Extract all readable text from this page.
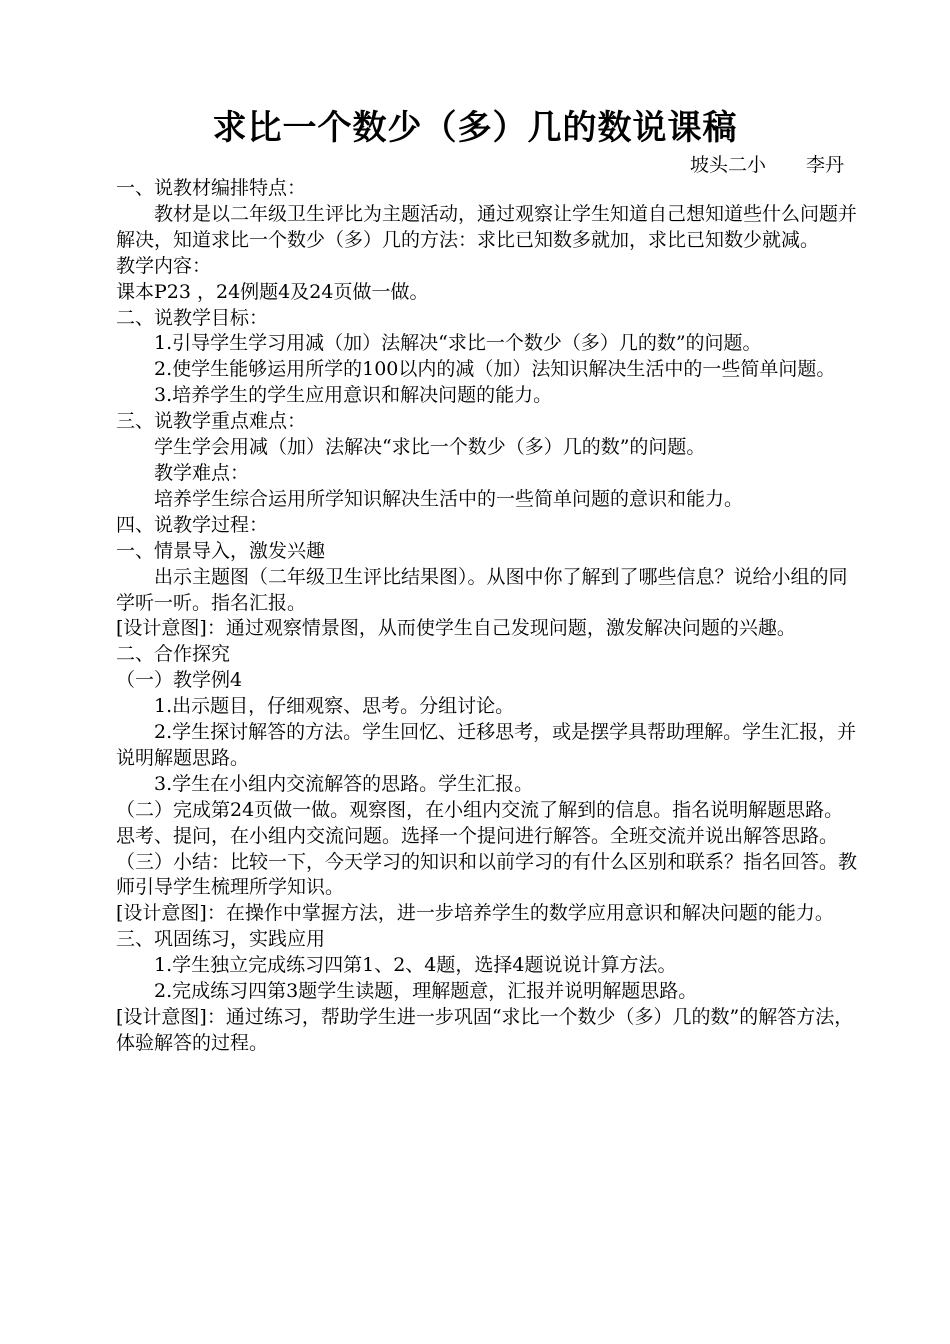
求比一个数少（多）几的数说课稿
坡头二小 李丹

一、说教材编排特点：

教材是以二年级卫生评比为主题活动，通过观察让学生知道自己想知道些什么问题并解决，知道求比一个数少（多）几的方法：求比已知数多就加，求比已知数少就减。

教学内容：

课本P23 ，24例题4及24页做一做。

二、说教学目标：

1.引导学生学习用减（加）法解决“求比一个数少（多）几的数”的问题。

2.使学生能够运用所学的100以内的减（加）法知识解决生活中的一些简单问题。

3.培养学生的学生应用意识和解决问题的能力。

三、说教学重点难点：

学生学会用减（加）法解决“求比一个数少（多）几的数”的问题。

教学难点：

培养学生综合运用所学知识解决生活中的一些简单问题的意识和能力。

四、说教学过程：

一、情景导入，激发兴趣

出示主题图（二年级卫生评比结果图）。从图中你了解到了哪些信息？说给小组的同学听一听。指名汇报。

[设计意图]：通过观察情景图，从而使学生自己发现问题，激发解决问题的兴趣。

二、合作探究

（一）教学例4

1.出示题目，仔细观察、思考。分组讨论。

2.学生探讨解答的方法。学生回忆、迁移思考，或是摆学具帮助理解。学生汇报，并说明解题思路。

3.学生在小组内交流解答的思路。学生汇报。

（二）完成第24页做一做。观察图，在小组内交流了解到的信息。指名说明解题思路。思考、提问，在小组内交流问题。选择一个提问进行解答。全班交流并说出解答思路。

（三）小结：比较一下，今天学习的知识和以前学习的有什么区别和联系？指名回答。教师引导学生梳理所学知识。

[设计意图]：在操作中掌握方法，进一步培养学生的数学应用意识和解决问题的能力。

三、巩固练习，实践应用

1.学生独立完成练习四第1、2、4题，选择4题说说计算方法。

2.完成练习四第3题学生读题，理解题意，汇报并说明解题思路。

[设计意图]：通过练习，帮助学生进一步巩固“求比一个数少（多）几的数”的解答方法，体验解答的过程。
